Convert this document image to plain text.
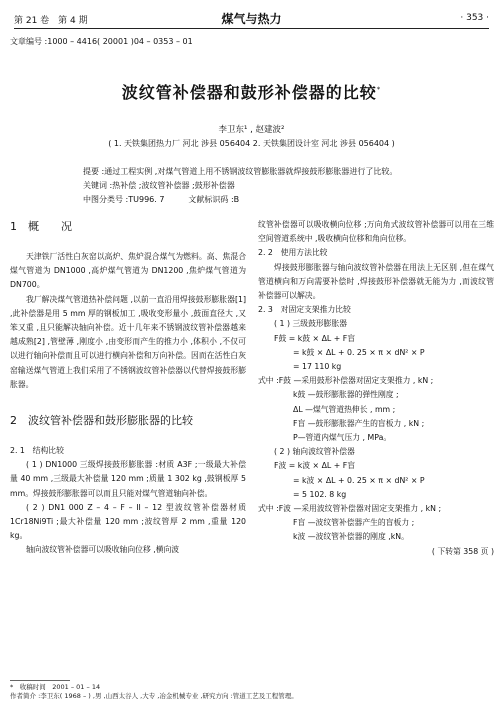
第 21 卷　第 4 期	煤气与热力	· 353 ·
文章编号 :1000 – 4416( 20001 )04 – 0353 – 01
波纹管补偿器和鼓形补偿器的比较*
李卫东¹ , 赵建波²
( 1. 天铁集团热力厂 河北 涉县 056404 2. 天铁集团设计室 河北 涉县 056404 )
提要 :通过工程实例 ,对煤气管道上用不锈钢波纹管膨胀器就焊接鼓形膨胀器进行了比较。
关键词 :热补偿 ;波纹管补偿器 ;鼓形补偿器
中图分类号 :TU996. 7　　　文献标识码 :B

1　概　　况

天津铁厂活性白灰窑以高炉、焦炉混合煤气为燃料。高、焦混合煤气管道为 DN1000 ,高炉煤气管道为 DN1200 ,焦炉煤气管道为 DN700。

我厂解决煤气管道热补偿问题 ,以前一直沿用焊接鼓形膨胀器[1] ,此补偿器是用 5 mm 厚的钢板加工 ,吸收变形量小 ,鼓面直径大 ,又笨又重 ,且只能解决轴向补偿。近十几年来不锈钢波纹管补偿器越来越成熟[2] ,管壁薄 ,刚度小 ,由变形而产生的推力小 ,体积小 ,不仅可以进行轴向补偿而且可以进行横向补偿和万向补偿。因而在活性白灰窑输送煤气管道上我们采用了不锈钢波纹管补偿器以代替焊接鼓形膨胀器。

2　波纹管补偿器和鼓形膨胀器的比较

2. 1　结构比较

( 1 ) DN1000 三级焊接鼓形膨胀器 :材质 A3F ;一级最大补偿量 40 mm ,三级最大补偿量 120 mm ;质量 1 302 kg ,鼓钢板厚 5 mm。焊接鼓形膨胀器可以而且只能对煤气管道轴向补偿。

( 2 ) DN1 000 Z – 4 – F – II – 12 型波纹管补偿器材质 1Cr18Ni9Ti ;最大补偿量 120 mm ;波纹管厚 2 mm ,重量 120 kg。

轴向波纹管补偿器可以吸收轴向位移 ,横向波

纹管补偿器可以吸收横向位移 ;万向角式波纹管补偿器可以用在三维空间管道系统中 ,吸收横向位移和角向位移。

2. 2　使用方法比较

焊接鼓形膨胀器与轴向波纹管补偿器在用法上无区别 ,但在煤气管道横向和万向需要补偿时 ,焊接鼓形补偿器就无能为力 ,而波纹管补偿器可以解决。

2. 3　对固定支架推力比较

( 1 ) 三级鼓形膨胀器

F鼓 = k鼓 × ΔL + F盲

= k鼓 × ΔL + 0. 25 × π × dN² × P

= 17 110 kg

式中 :F鼓 —采用鼓形补偿器对固定支架推力 , kN ;

k鼓 —鼓形膨胀器的弹性刚度 ;

ΔL —煤气管道热伸长 , mm ;

F盲 —鼓形膨胀器产生的盲板力 , kN ;

P—管道内煤气压力 , MPa。

( 2 ) 轴向波纹管补偿器

F波 = k波 × ΔL + F盲

= k波 × ΔL + 0. 25 × π × dN² × P

= 5 102. 8 kg

式中 :F波 —采用波纹管补偿器对固定支架推力 , kN ;

F盲 —波纹管补偿器产生的盲板力 ;

k波 —波纹管补偿器的刚度 ,kN。

( 下转第 358 页 )

*　收稿时间　2001 – 01 – 14
作者简介 :李卫东( 1968 – ) ,男 ,山西太谷人 ,大专 ,冶金机械专业 ,研究方向 :管道工艺及工程管理。
